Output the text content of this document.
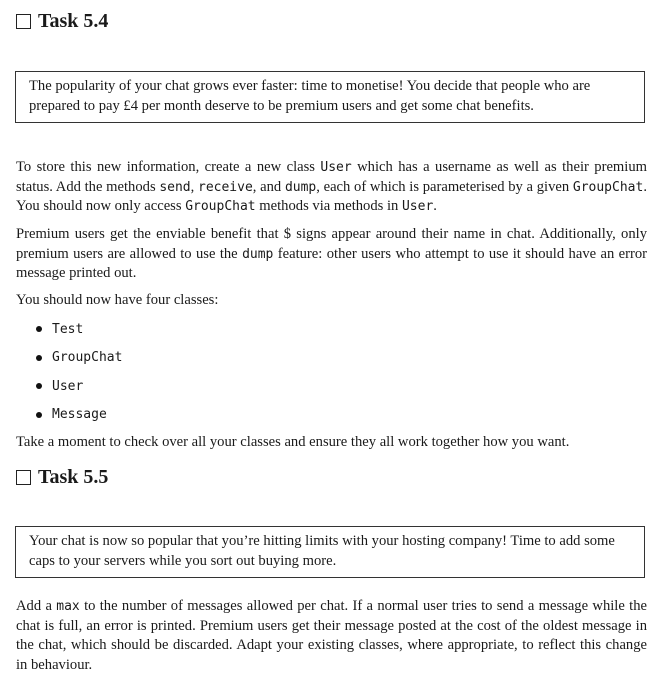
Task 5.4
The popularity of your chat grows ever faster: time to monetise! You decide that people who are prepared to pay £4 per month deserve to be premium users and get some chat benefits.

To store this new information, create a new class User which has a username as well as their premium status. Add the methods send, receive, and dump, each of which is parameterised by a given GroupChat. You should now only access GroupChat methods via methods in User.

Premium users get the enviable benefit that $ signs appear around their name in chat. Additionally, only premium users are allowed to use the dump feature: other users who attempt to use it should have an error message printed out.

You should now have four classes:

Test
GroupChat
User
Message

Take a moment to check over all your classes and ensure they all work together how you want.

Task 5.5
Your chat is now so popular that you’re hitting limits with your hosting company! Time to add some caps to your servers while you sort out buying more.

Add a max to the number of messages allowed per chat. If a normal user tries to send a message while the chat is full, an error is printed. Premium users get their message posted at the cost of the oldest message in the chat, which should be discarded. Adapt your existing classes, where appropriate, to reflect this change in behaviour.
